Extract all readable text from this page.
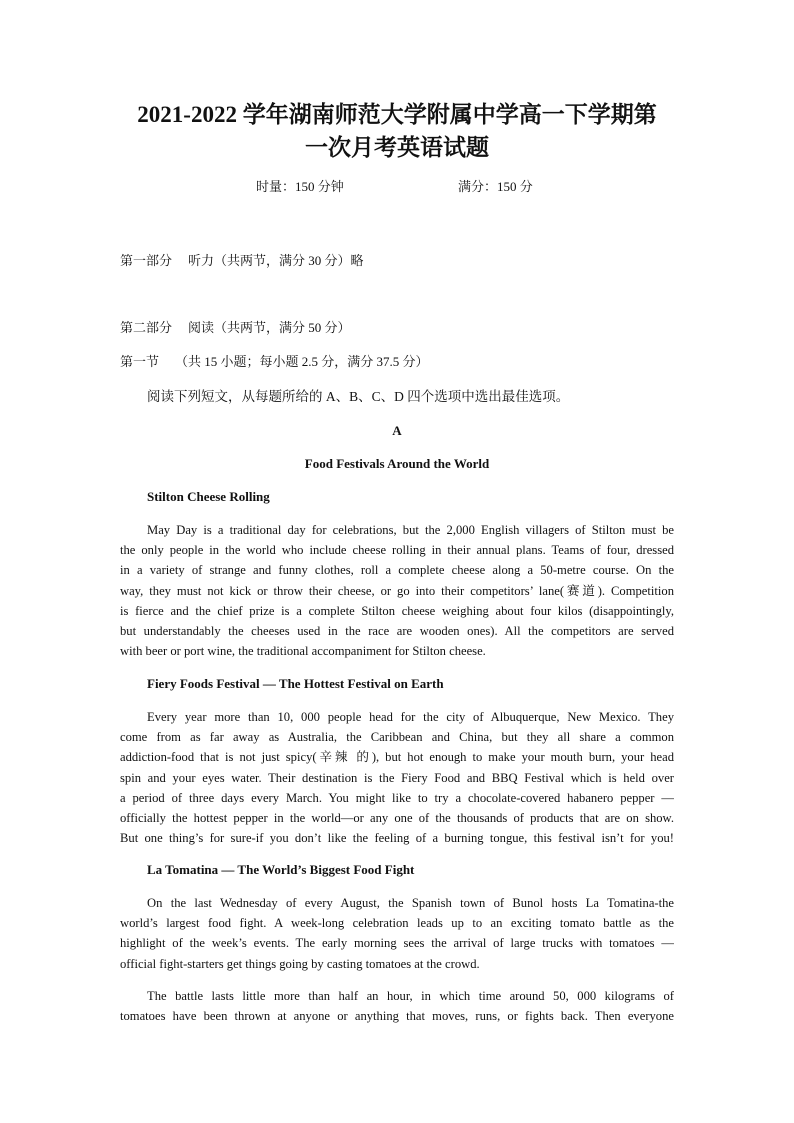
2021-2022 学年湖南师范大学附属中学高一下学期第
一次月考英语试题
时量：150 分钟	满分：150 分
第一部分 听力（共两节，满分 30 分）略
第二部分 阅读（共两节，满分 50 分）
第一节 （共 15 小题；每小题 2.5 分，满分 37.5 分）
阅读下列短文，从每题所给的 A、B、C、D 四个选项中选出最佳选项。
A
Food Festivals Around the World
Stilton Cheese Rolling
May Day is a traditional day for celebrations, but the 2,000 English villagers of Stilton must be
the only people in the world who include cheese rolling in their annual plans. Teams of four, dressed
in a variety of strange and funny clothes, roll a complete cheese along a 50-metre course. On the
way, they must not kick or throw their cheese, or go into their competitors’ lane(赛道). Competition
is fierce and the chief prize is a complete Stilton cheese weighing about four kilos (disappointingly,
but understandably the cheeses used in the race are wooden ones). All the competitors are served
with beer or port wine, the traditional accompaniment for Stilton cheese.
Fiery Foods Festival — The Hottest Festival on Earth
Every year more than 10, 000 people head for the city of Albuquerque, New Mexico. They
come from as far away as Australia, the Caribbean and China, but they all share a common
addiction-food that is not just spicy(辛辣 的), but hot enough to make your mouth burn, your head
spin and your eyes water. Their destination is the Fiery Food and BBQ Festival which is held over
a period of three days every March. You might like to try a chocolate-covered habanero pepper —
officially the hottest pepper in the world—or any one of the thousands of products that are on show.
But one thing’s for sure-if you don’t like the feeling of a burning tongue, this festival isn’t for you!
La Tomatina — The World’s Biggest Food Fight
On the last Wednesday of every August, the Spanish town of Bunol hosts La Tomatina-the
world’s largest food fight. A week-long celebration leads up to an exciting tomato battle as the
highlight of the week’s events. The early morning sees the arrival of large trucks with tomatoes —
official fight-starters get things going by casting tomatoes at the crowd.
The battle lasts little more than half an hour, in which time around 50, 000 kilograms of
tomatoes have been thrown at anyone or anything that moves, runs, or fights back. Then everyone
